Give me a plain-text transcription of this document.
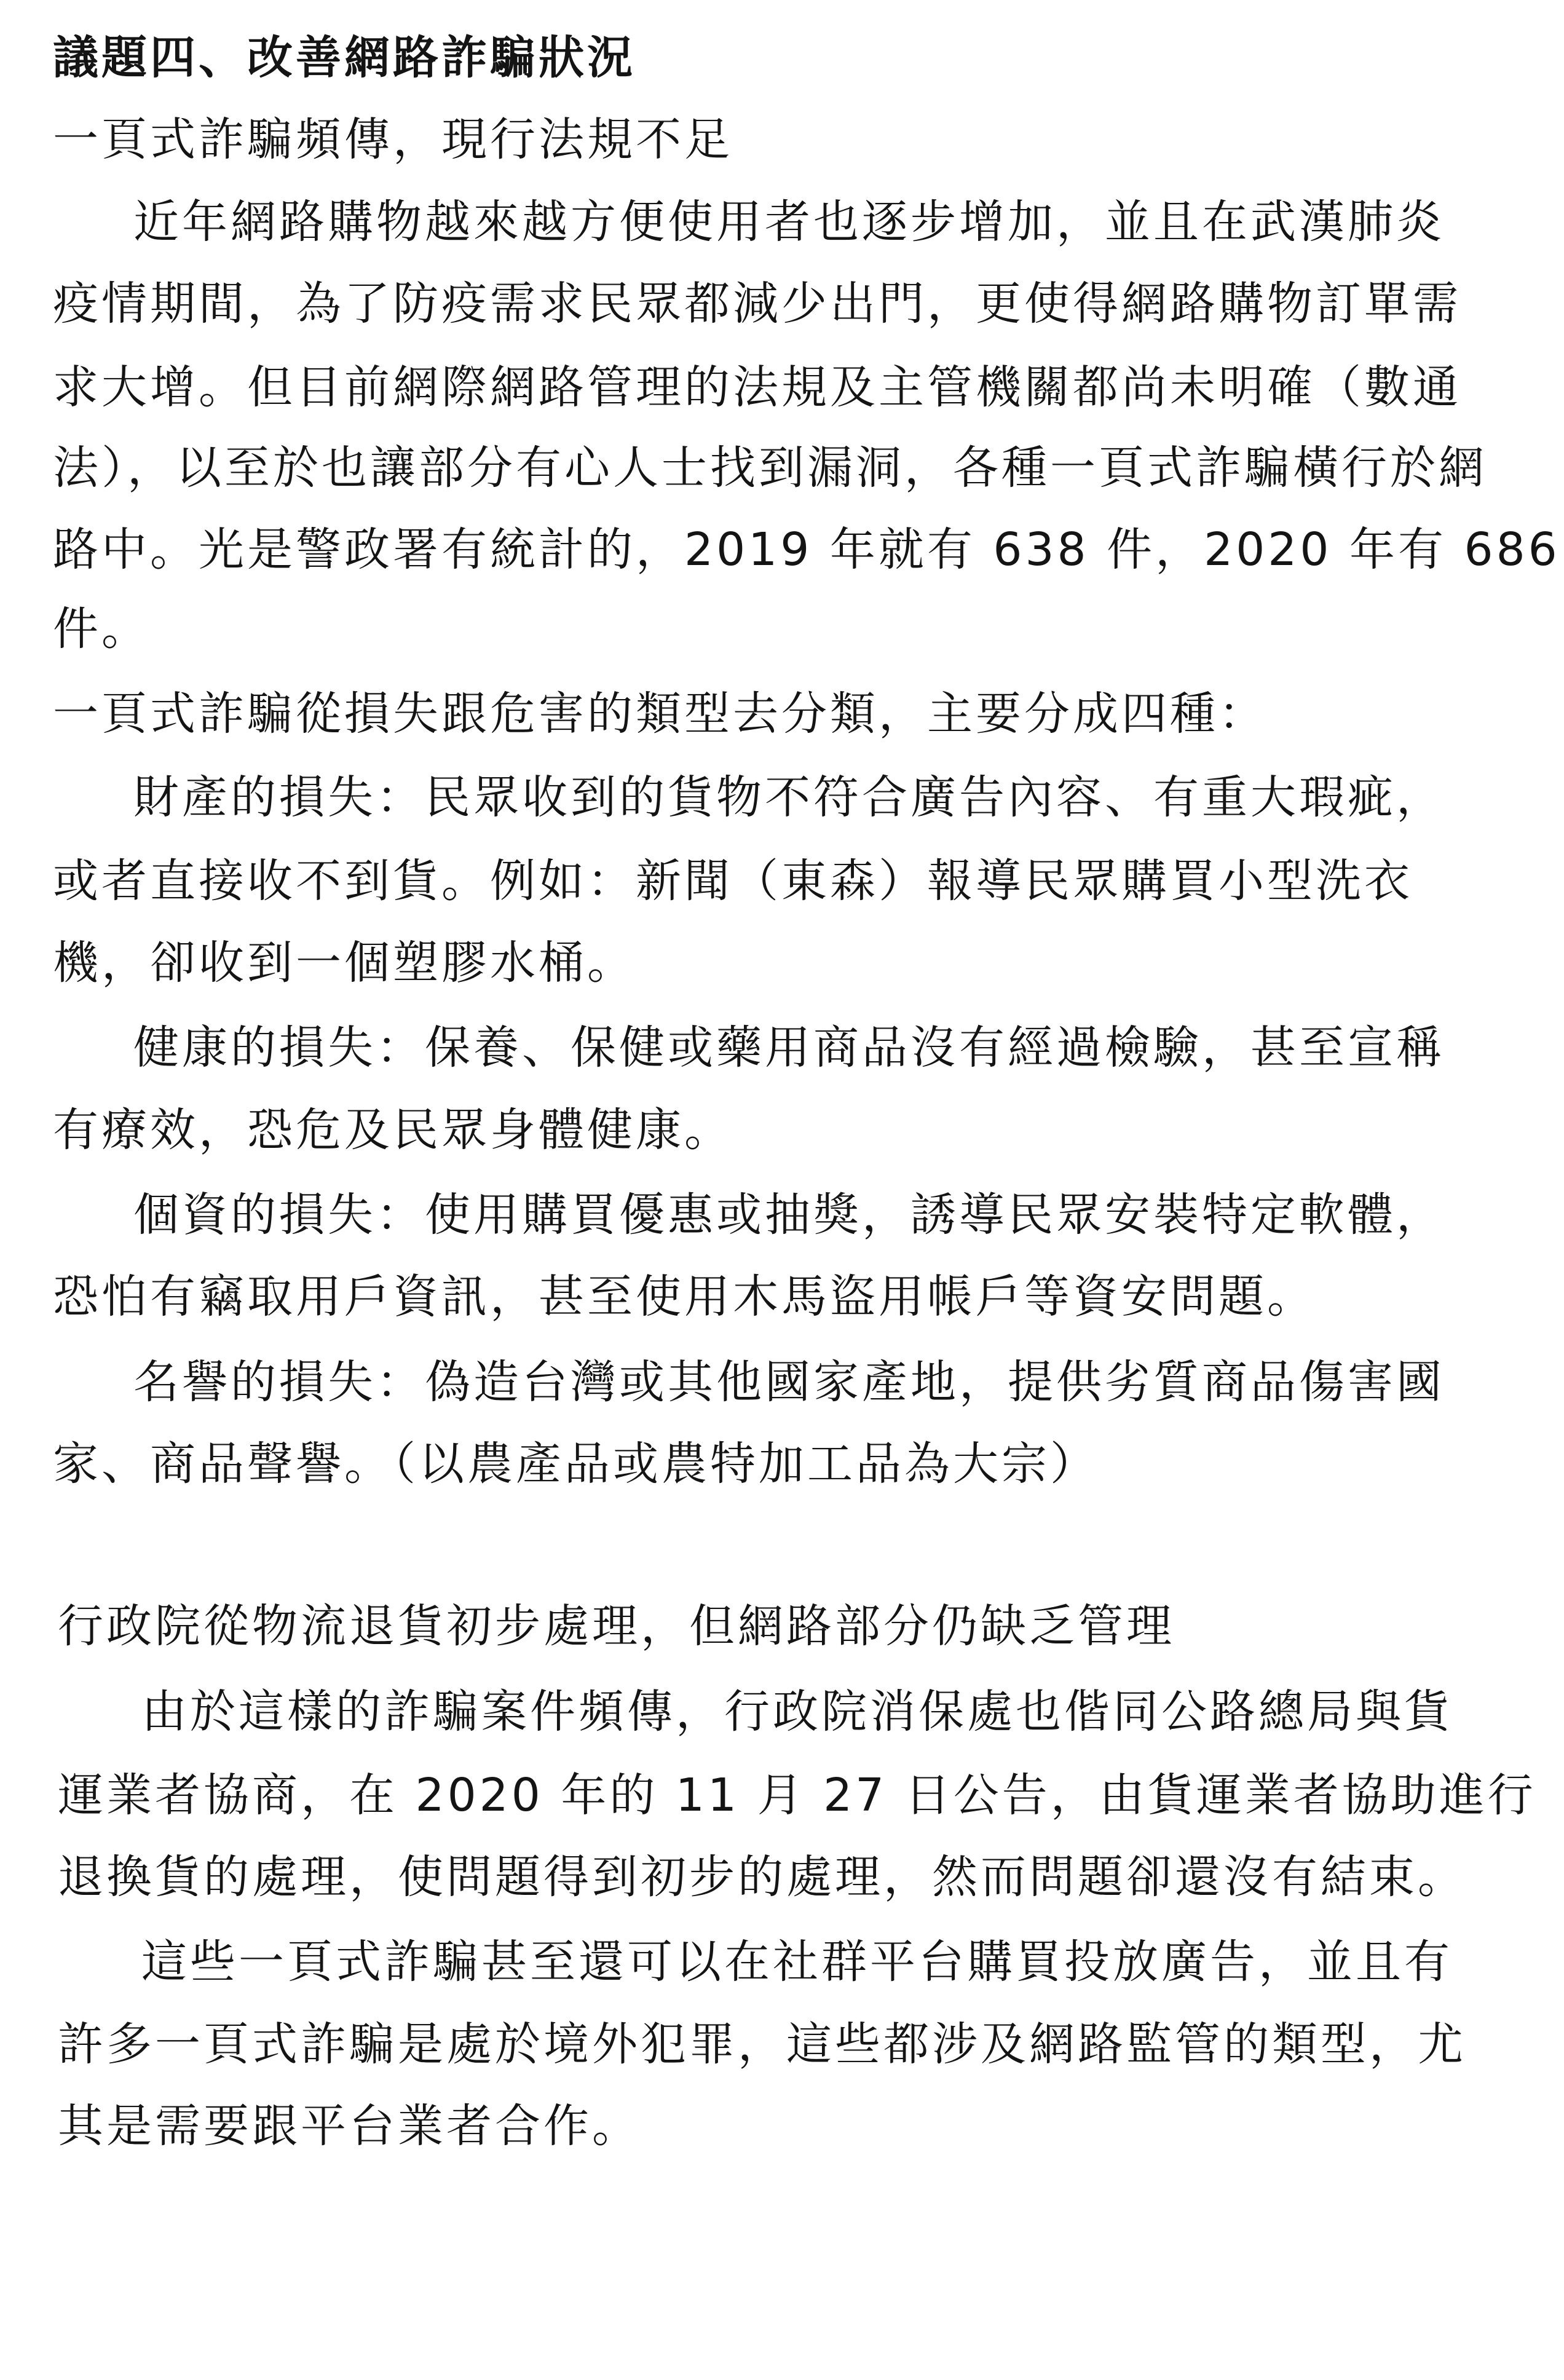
議題四、改善網路詐騙狀況
一頁式詐騙頻傳，現行法規不足
近年網路購物越來越方便使用者也逐步增加，並且在武漢肺炎
疫情期間，為了防疫需求民眾都減少出門，更使得網路購物訂單需
求大增。但目前網際網路管理的法規及主管機關都尚未明確（數通
法），以至於也讓部分有心人士找到漏洞，各種一頁式詐騙橫行於網
路中。光是警政署有統計的，2019 年就有 638 件，2020 年有 686
件。
一頁式詐騙從損失跟危害的類型去分類，主要分成四種：
財產的損失：民眾收到的貨物不符合廣告內容、有重大瑕疵，
或者直接收不到貨。例如：新聞（東森）報導民眾購買小型洗衣
機，卻收到一個塑膠水桶。
健康的損失：保養、保健或藥用商品沒有經過檢驗，甚至宣稱
有療效，恐危及民眾身體健康。
個資的損失：使用購買優惠或抽獎，誘導民眾安裝特定軟體，
恐怕有竊取用戶資訊，甚至使用木馬盜用帳戶等資安問題。
名譽的損失：偽造台灣或其他國家產地，提供劣質商品傷害國
家、商品聲譽。（以農產品或農特加工品為大宗）
行政院從物流退貨初步處理，但網路部分仍缺乏管理
由於這樣的詐騙案件頻傳，行政院消保處也偕同公路總局與貨
運業者協商，在 2020 年的 11 月 27 日公告，由貨運業者協助進行
退換貨的處理，使問題得到初步的處理，然而問題卻還沒有結束。
這些一頁式詐騙甚至還可以在社群平台購買投放廣告，並且有
許多一頁式詐騙是處於境外犯罪，這些都涉及網路監管的類型，尤
其是需要跟平台業者合作。
